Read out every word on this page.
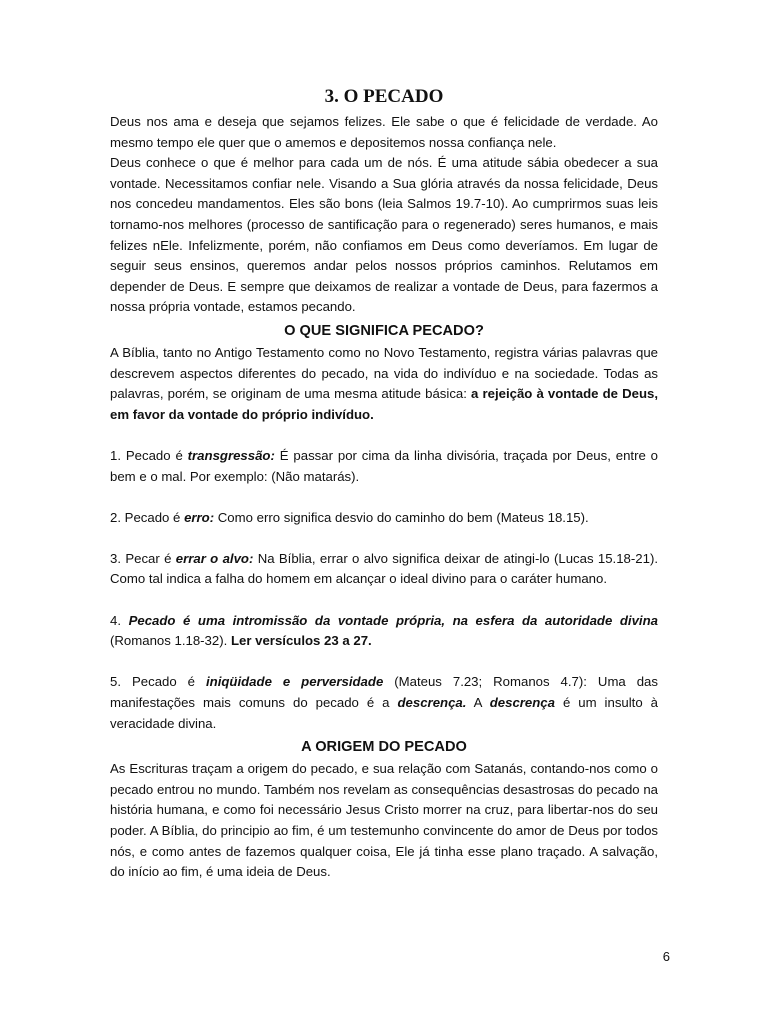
3. O PECADO

Deus nos ama e deseja que sejamos felizes. Ele sabe o que é felicidade de verdade. Ao mesmo tempo ele quer que o amemos e depositemos nossa confiança nele.

Deus conhece o que é melhor para cada um de nós. É uma atitude sábia obedecer a sua vontade. Necessitamos confiar nele. Visando a Sua glória através da nossa felicidade, Deus nos concedeu mandamentos. Eles são bons (leia Salmos 19.7-10). Ao cumprirmos suas leis tornamo-nos melhores (processo de santificação para o regenerado) seres humanos, e mais felizes nEle. Infelizmente, porém, não confiamos em Deus como deveríamos. Em lugar de seguir seus ensinos, queremos andar pelos nossos próprios caminhos. Relutamos em depender de Deus. E sempre que deixamos de realizar a vontade de Deus, para fazermos a nossa própria vontade, estamos pecando.

O QUE SIGNIFICA PECADO?

A Bíblia, tanto no Antigo Testamento como no Novo Testamento, registra várias palavras que descrevem aspectos diferentes do pecado, na vida do indivíduo e na sociedade. Todas as palavras, porém, se originam de uma mesma atitude básica: a rejeição à vontade de Deus, em favor da vontade do próprio indivíduo.

1. Pecado é transgressão: É passar por cima da linha divisória, traçada por Deus, entre o bem e o mal. Por exemplo: (Não matarás).

2. Pecado é erro: Como erro significa desvio do caminho do bem (Mateus 18.15).

3. Pecar é errar o alvo: Na Bíblia, errar o alvo significa deixar de atingi-lo (Lucas 15.18-21). Como tal indica a falha do homem em alcançar o ideal divino para o caráter humano.

4. Pecado é uma intromissão da vontade própria, na esfera da autoridade divina (Romanos 1.18-32). Ler versículos 23 a 27.

5. Pecado é iniqüidade e perversidade (Mateus 7.23; Romanos 4.7): Uma das manifestações mais comuns do pecado é a descrença. A descrença é um insulto à veracidade divina.

A ORIGEM DO PECADO

As Escrituras traçam a origem do pecado, e sua relação com Satanás, contando-nos como o pecado entrou no mundo. Também nos revelam as consequências desastrosas do pecado na história humana, e como foi necessário Jesus Cristo morrer na cruz, para libertar-nos do seu poder. A Bíblia, do principio ao fim, é um testemunho convincente do amor de Deus por todos nós, e como antes de fazemos qualquer coisa, Ele já tinha esse plano traçado. A salvação, do início ao fim, é uma ideia de Deus.

6
